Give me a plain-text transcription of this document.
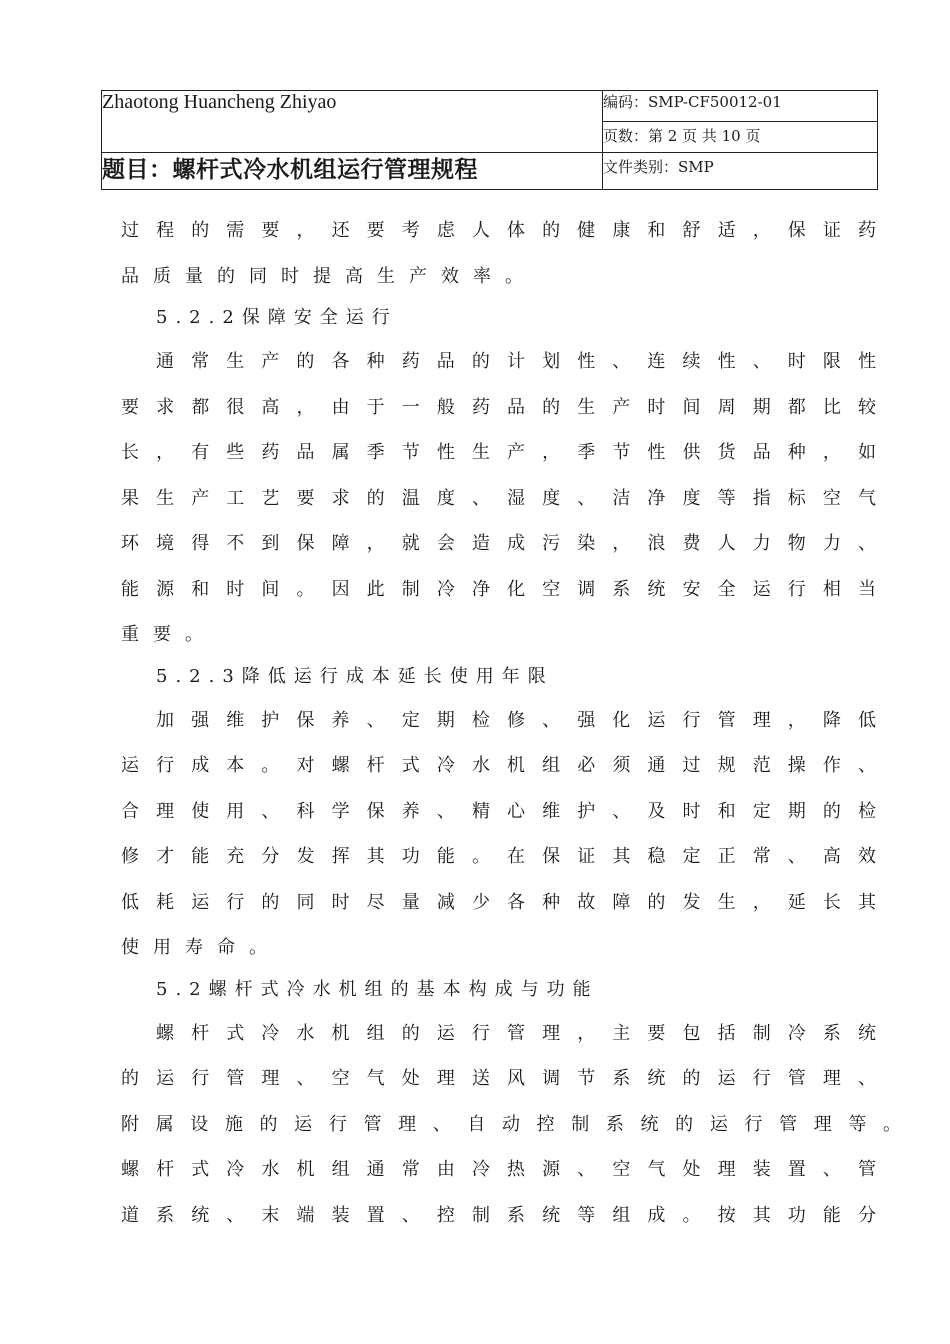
Zhaotong Huancheng Zhiyao	编码：SMP-CF50012-01
	页数：第 2 页 共 10 页
题目：螺杆式冷水机组运行管理规程	文件类别：SMP
过 程 的 需 要 ， 还 要 考 虑 人 体 的 健 康 和 舒 适 ， 保 证 药
品质量的同时提高生产效率。
5.2.2保障安全运行
通 常 生 产 的 各 种 药 品 的 计 划 性 、 连 续 性 、 时 限 性
要 求 都 很 高 ， 由 于 一 般 药 品 的 生 产 时 间 周 期 都 比 较
长 ， 有 些 药 品 属 季 节 性 生 产 ， 季 节 性 供 货 品 种 ， 如
果 生 产 工 艺 要 求 的 温 度 、 湿 度 、 洁 净 度 等 指 标 空 气
环 境 得 不 到 保 障 ， 就 会 造 成 污 染 ， 浪 费 人 力 物 力 、
能 源 和 时 间 。 因 此 制 冷 净 化 空 调 系 统 安 全 运 行 相 当
重要。
5.2.3降低运行成本延长使用年限
加 强 维 护 保 养 、 定 期 检 修 、 强 化 运 行 管 理 ， 降 低
运 行 成 本 。 对 螺 杆 式 冷 水 机 组 必 须 通 过 规 范 操 作 、
合 理 使 用 、 科 学 保 养 、 精 心 维 护 、 及 时 和 定 期 的 检
修 才 能 充 分 发 挥 其 功 能 。 在 保 证 其 稳 定 正 常 、 高 效
低 耗 运 行 的 同 时 尽 量 减 少 各 种 故 障 的 发 生 ， 延 长 其
使用寿命。
5.2螺杆式冷水机组的基本构成与功能
螺 杆 式 冷 水 机 组 的 运 行 管 理 ， 主 要 包 括 制 冷 系 统
的 运 行 管 理 、 空 气 处 理 送 风 调 节 系 统 的 运 行 管 理 、
附 属 设 施 的 运 行 管 理 、 自 动 控 制 系 统 的 运 行 管 理 等 。
螺 杆 式 冷 水 机 组 通 常 由 冷 热 源 、 空 气 处 理 装 置 、 管
道 系 统 、 末 端 装 置 、 控 制 系 统 等 组 成 。 按 其 功 能 分
